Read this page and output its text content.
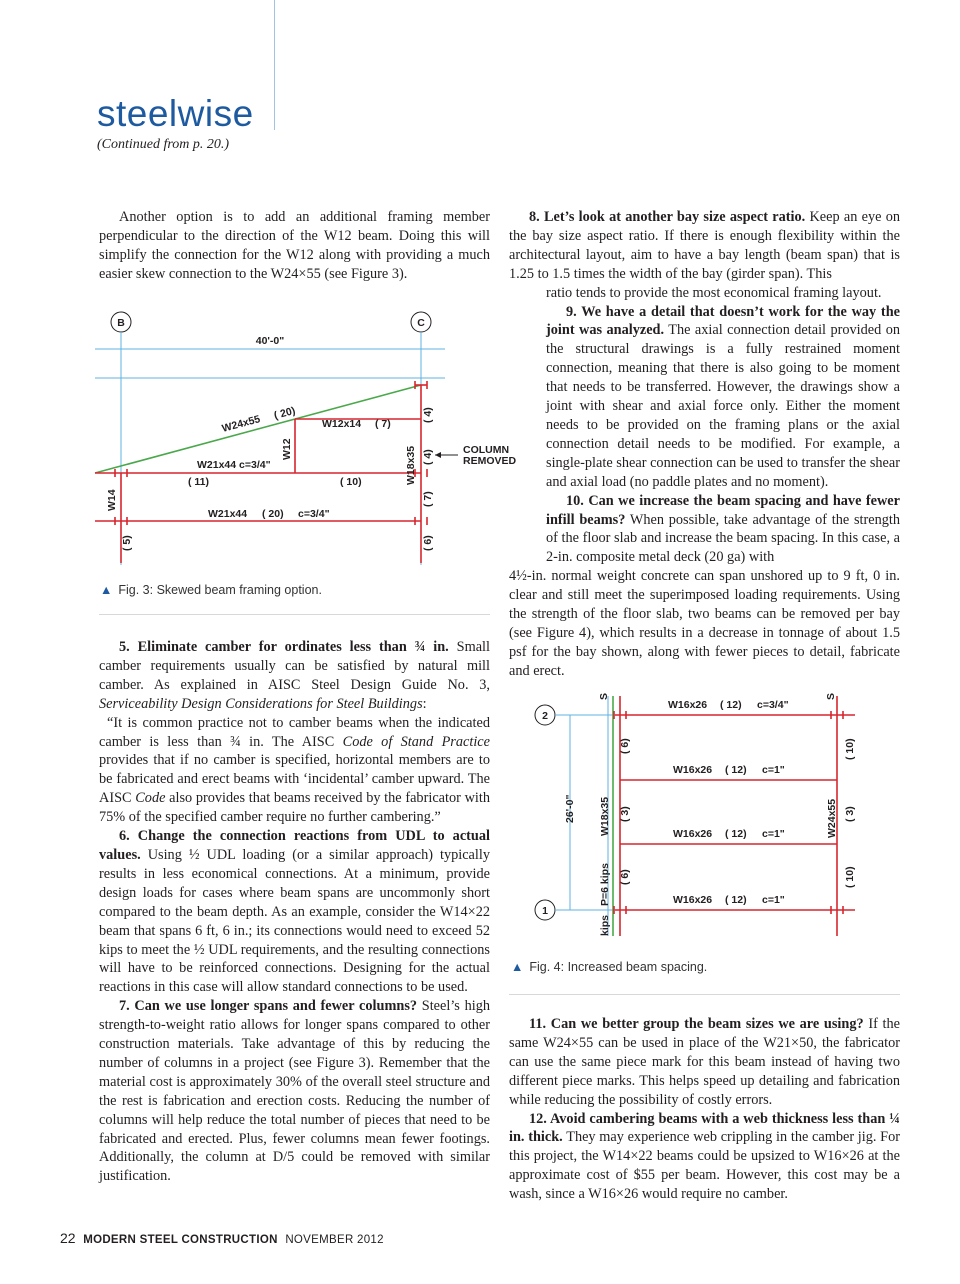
steelwise
(Continued from p. 20.)

Another option is to add an additional framing member perpendicular to the direction of the W12 beam. Doing this will simplify the connection for the W12 along with providing a much easier skew connection to the W24×55 (see Figure 3).

B	C
40'-0"
W24x55 ( 20)
W12x14 ( 7)
W12
W21x44 c=3/4"
( 11)	( 10)
W21x44 ( 20) c=3/4"
W14
( 5)
W18x35
( 4)
( 4)
( 7)
( 6)
COLUMN
REMOVED
▲ Fig. 3: Skewed beam framing option.

5. Eliminate camber for ordinates less than ¾ in. Small camber requirements usually can be satisfied by natural mill camber. As explained in AISC Steel Design Guide No. 3, Serviceability Design Considerations for Steel Buildings:

“It is common practice not to camber beams when the indicated camber is less than ¾ in. The AISC Code of Stand Practice provides that if no camber is specified, horizontal members are to be fabricated and erect beams with ‘incidental’ camber upward. The AISC Code also provides that beams received by the fabricator with 75% of the specified camber require no further cambering.”

6. Change the connection reactions from UDL to actual values. Using ½ UDL loading (or a similar approach) typically results in less economical connections. At a minimum, provide design loads for cases where beam spans are uncommonly short compared to the beam depth. As an example, consider the W14×22 beam that spans 6 ft, 6 in.; its connections would need to exceed 52 kips to meet the ½ UDL requirements, and the resulting connections will have to be reinforced connections. Designing for the actual reactions in this case will allow standard connections to be used.

7. Can we use longer spans and fewer columns? Steel’s high strength-to-weight ratio allows for longer spans compared to other construction materials. Take advantage of this by reducing the number of columns in a project (see Figure 3). Remember that the material cost is approximately 30% of the overall steel structure and the rest is fabrication and erection costs. Reducing the number of columns will help reduce the total number of pieces that need to be fabricated and erected. Plus, fewer columns mean fewer footings. Additionally, the column at D/5 could be removed with similar justification.

8. Let’s look at another bay size aspect ratio. Keep an eye on the bay size aspect ratio. If there is enough flexibility within the architectural layout, aim to have a bay length (beam span) that is 1.25 to 1.5 times the width of the bay (girder span). This

ratio tends to provide the most economical framing layout.

9. We have a detail that doesn’t work for the way the joint was analyzed. The axial connection detail provided on the structural drawings is a fully restrained moment connection, meaning that there is also going to be moment that needs to be transferred. However, the drawings show a joint with shear and axial force only. Either the moment needs to be provided on the framing plans or the axial connection detail needs to be modified. For example, a single-plate shear connection can be used to transfer the shear and axial load (no paddle plates and no moment).

10. Can we increase the beam spacing and have fewer infill beams? When possible, take advantage of the strength of the floor slab and increase the beam spacing. In this case, a 2-in. composite metal deck (20 ga) with

4½-in. normal weight concrete can span unshored up to 9 ft, 0 in. clear and still meet the superimposed loading requirements. Using the strength of the floor slab, two beams can be removed per bay (see Figure 4), which results in a decrease in tonnage of about 1.5 psf for the bay shown, along with fewer pieces to detail, fabricate and erect.

2
1
26'-0"
W16x26 ( 12) c=3/4"
W16x26 ( 12) c=1"
W16x26 ( 12) c=1"
W16x26 ( 12) c=1"
W18x35
P=6 kips
kips
( 6)
( 3)
( 6)
W24x55
( 10)
( 3)
( 10)
S	S
▲ Fig. 4: Increased beam spacing.

11. Can we better group the beam sizes we are using? If the same W24×55 can be used in place of the W21×50, the fabricator can use the same piece mark for this beam instead of having two different piece marks. This helps speed up detailing and fabrication while reducing the possibility of costly errors.

12. Avoid cambering beams with a web thickness less than ¼ in. thick. They may experience web crippling in the camber jig. For this project, the W14×22 beams could be upsized to W16×26 at the approximate cost of $55 per beam. However, this cost may be a wash, since a W16×26 would require no camber.

22 MODERN STEEL CONSTRUCTION NOVEMBER 2012
